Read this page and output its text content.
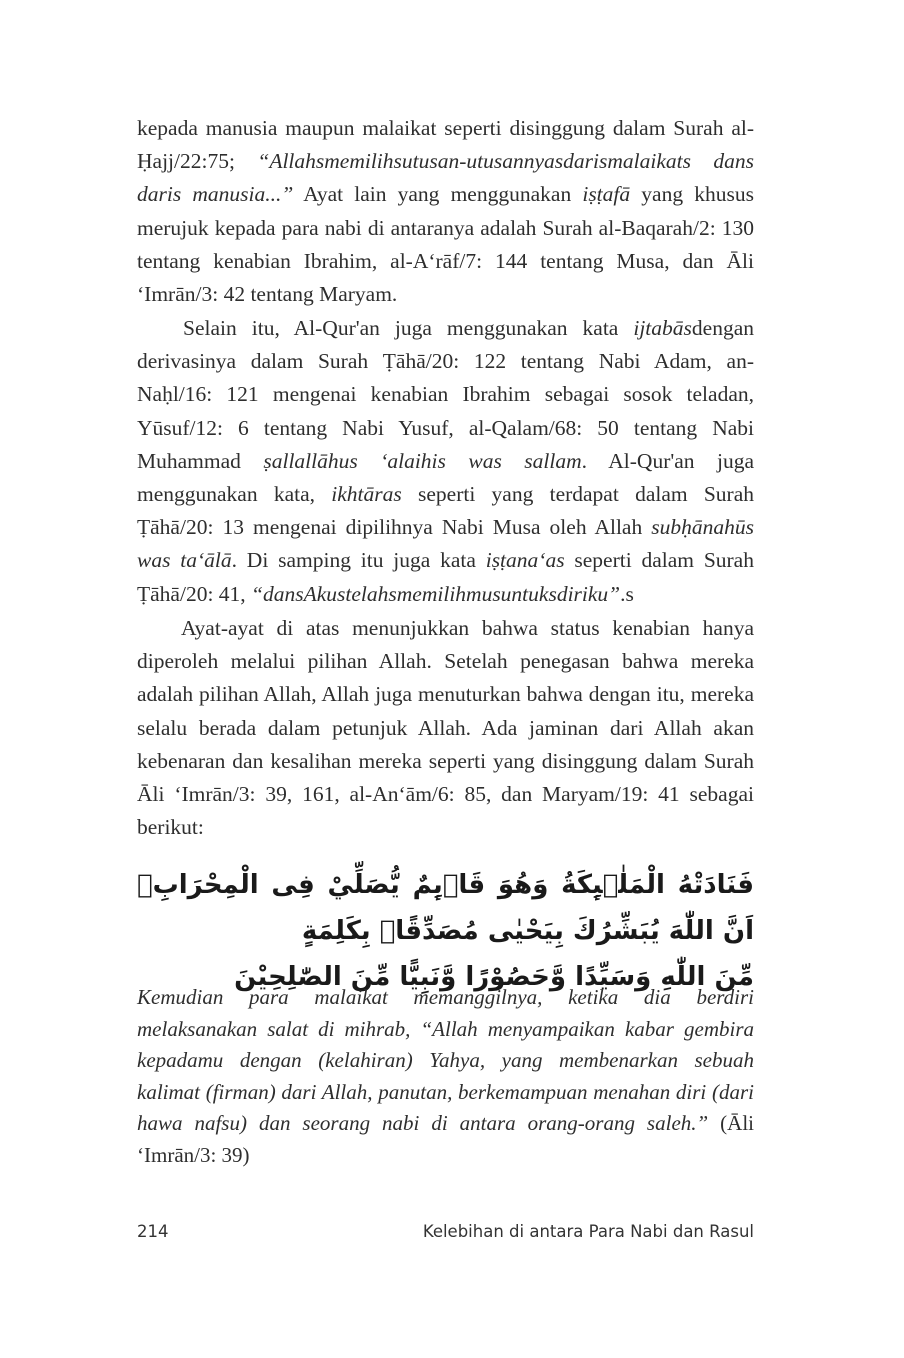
kepada manusia maupun malaikat seperti disinggung dalam Surah al-Ḥajj/22:75; “Allahsmemilihsutusan-utusannyasdarismalaikats dans daris manusia...” Ayat lain yang menggunakan iṣṭafā yang khusus merujuk kepada para nabi di antaranya adalah Surah al-Baqarah/2: 130 tentang kenabian Ibrahim, al-A‘rāf/7: 144 tentang Musa, dan Āli ‘Imrān/3: 42 tentang Maryam.

Selain itu, Al-Qur'an juga menggunakan kata ijtabāsdengan derivasinya dalam Surah Ṭāhā/20: 122 tentang Nabi Adam, an-Naḥl/16: 121 mengenai kenabian Ibrahim sebagai sosok teladan, Yūsuf/12: 6 tentang Nabi Yusuf, al-Qalam/68: 50 tentang Nabi Muhammad ṣallallāhus ‘alaihis was sallam. Al-Qur'an juga menggunakan kata, ikhtāras seperti yang terdapat dalam Surah Ṭāhā/20: 13 mengenai dipilihnya Nabi Musa oleh Allah subḥānahūs was ta‘ālā. Di samping itu juga kata iṣṭana‘as seperti dalam Surah Ṭāhā/20: 41, “dansAkustelahsmemilihmusuntuksdiriku”.s

Ayat-ayat di atas menunjukkan bahwa status kenabian hanya diperoleh melalui pilihan Allah. Setelah penegasan bahwa mereka adalah pilihan Allah, Allah juga menuturkan bahwa dengan itu, mereka selalu berada dalam petunjuk Allah. Ada jaminan dari Allah akan kebenaran dan kesalihan mereka seperti yang disinggung dalam Surah Āli ‘Imrān/3: 39, 161, al-An‘ām/6: 85, dan Maryam/19: 41 sebagai berikut:

فَنَادَتْهُ الْمَلٰۤىِٕكَةُ وَهُوَ قَاۤىِٕمٌ يُّصَلِّيْ فِى الْمِحْرَابِۙ اَنَّ اللّٰهَ يُبَشِّرُكَ بِيَحْيٰى مُصَدِّقًاۢ بِكَلِمَةٍ
مِّنَ اللّٰهِ وَسَيِّدًا وَّحَصُوْرًا وَّنَبِيًّا مِّنَ الصّٰلِحِيْنَ
Kemudian para malaikat memanggilnya, ketika dia berdiri melaksanakan salat di mihrab, “Allah menyampaikan kabar gembira kepadamu dengan (kelahiran) Yahya, yang membenarkan sebuah kalimat (firman) dari Allah, panutan, berkemampuan menahan diri (dari hawa nafsu) dan seorang nabi di antara orang-orang saleh.” (Āli ‘Imrān/3: 39)
214	Kelebihan di antara Para Nabi dan Rasul
